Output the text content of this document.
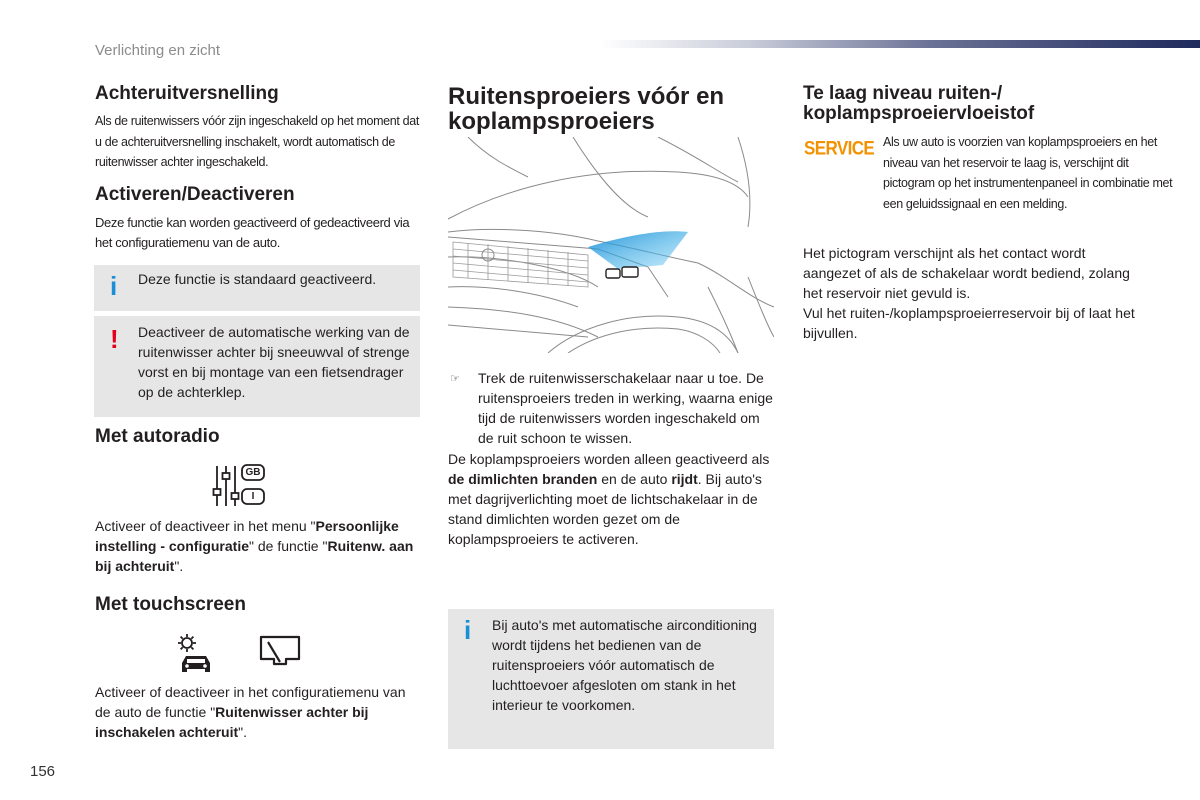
Verlichting en zicht
Achteruitversnelling

Als de ruitenwissers vóór zijn ingeschakeld op het moment dat u de achteruitversnelling inschakelt, wordt automatisch de ruitenwisser achter ingeschakeld.

Activeren/Deactiveren

Deze functie kan worden geactiveerd of gedeactiveerd via het configuratiemenu van de auto.

i Deze functie is standaard geactiveerd.

! Deactiveer de automatische werking van de ruitenwisser achter bij sneeuwval of strenge vorst en bij montage van een fietsendrager op de achterklep.

Met autoradio
GB
I

Activeer of deactiveer in het menu "Persoonlijke instelling - configuratie" de functie "Ruitenw. aan bij achteruit".

Met touchscreen

Activeer of deactiveer in het configuratiemenu van de auto de functie "Ruitenwisser achter bij inschakelen achteruit".

Ruitensproeiers vóór en koplampsproeiers
☞ Trek de ruitenwisserschakelaar naar u toe. De ruitensproeiers treden in werking, waarna enige tijd de ruitenwissers worden ingeschakeld om de ruit schoon te wissen.

De koplampsproeiers worden alleen geactiveerd als de dimlichten branden en de auto rijdt. Bij auto's met dagrijverlichting moet de lichtschakelaar in de stand dimlichten worden gezet om de koplampsproeiers te activeren.

i Bij auto's met automatische airconditioning wordt tijdens het bedienen van de ruitensproeiers vóór automatisch de luchttoevoer afgesloten om stank in het interieur te voorkomen.

Te laag niveau ruiten-/ koplampsproeiervloeistof
SERVICE Als uw auto is voorzien van koplampsproeiers en het niveau van het reservoir te laag is, verschijnt dit pictogram op het instrumentenpaneel in combinatie met een geluidssignaal en een melding.

Het pictogram verschijnt als het contact wordt aangezet of als de schakelaar wordt bediend, zolang het reservoir niet gevuld is.

Vul het ruiten-/koplampsproeierreservoir bij of laat het bijvullen.

156
